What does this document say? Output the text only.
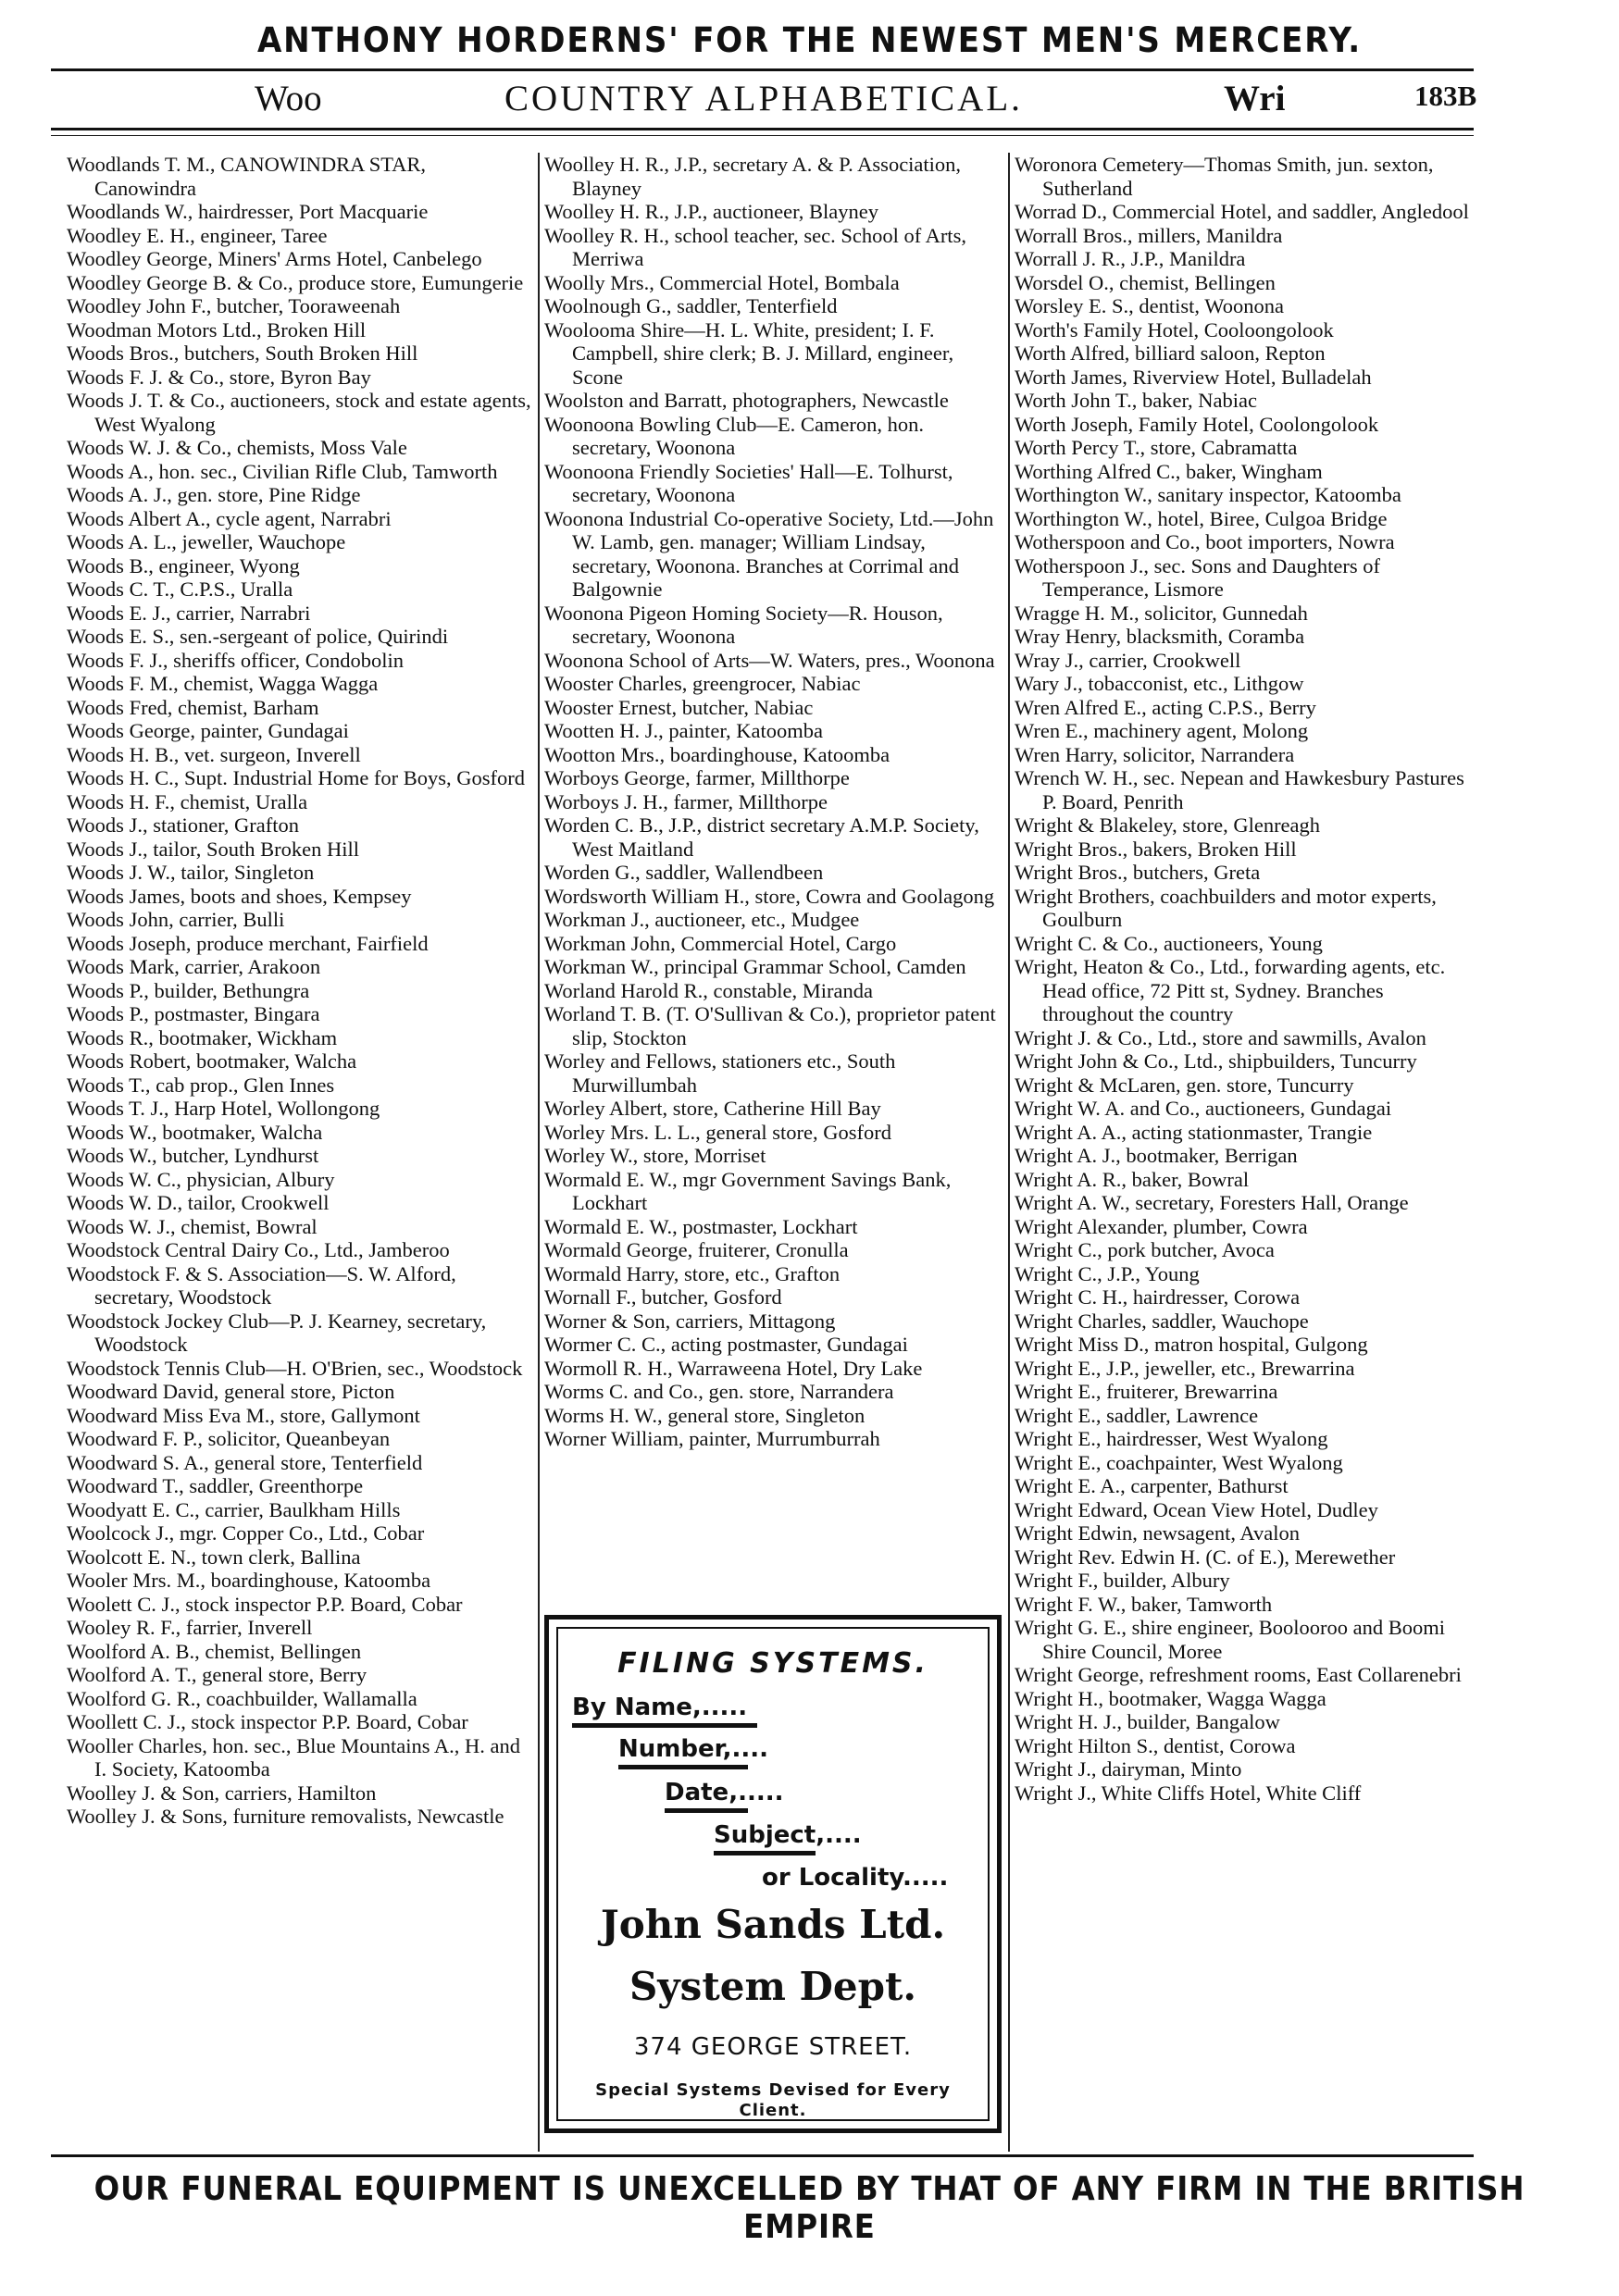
ANTHONY HORDERNS' FOR THE NEWEST MEN'S MERCERY.
Woo	COUNTRY ALPHABETICAL.	Wri	183B

Woodlands T. M., CANOWINDRA STAR, Canowindra

Woodlands W., hairdresser, Port Macquarie

Woodley E. H., engineer, Taree

Woodley George, Miners' Arms Hotel, Canbelego

Woodley George B. & Co., produce store, Eumungerie

Woodley John F., butcher, Tooraweenah

Woodman Motors Ltd., Broken Hill

Woods Bros., butchers, South Broken Hill

Woods F. J. & Co., store, Byron Bay

Woods J. T. & Co., auctioneers, stock and estate agents, West Wyalong

Woods W. J. & Co., chemists, Moss Vale

Woods A., hon. sec., Civilian Rifle Club, Tamworth

Woods A. J., gen. store, Pine Ridge

Woods Albert A., cycle agent, Narrabri

Woods A. L., jeweller, Wauchope

Woods B., engineer, Wyong

Woods C. T., C.P.S., Uralla

Woods E. J., carrier, Narrabri

Woods E. S., sen.-sergeant of police, Quirindi

Woods F. J., sheriffs officer, Condobolin

Woods F. M., chemist, Wagga Wagga

Woods Fred, chemist, Barham

Woods George, painter, Gundagai

Woods H. B., vet. surgeon, Inverell

Woods H. C., Supt. Industrial Home for Boys, Gosford

Woods H. F., chemist, Uralla

Woods J., stationer, Grafton

Woods J., tailor, South Broken Hill

Woods J. W., tailor, Singleton

Woods James, boots and shoes, Kempsey

Woods John, carrier, Bulli

Woods Joseph, produce merchant, Fairfield

Woods Mark, carrier, Arakoon

Woods P., builder, Bethungra

Woods P., postmaster, Bingara

Woods R., bootmaker, Wickham

Woods Robert, bootmaker, Walcha

Woods T., cab prop., Glen Innes

Woods T. J., Harp Hotel, Wollongong

Woods W., bootmaker, Walcha

Woods W., butcher, Lyndhurst

Woods W. C., physician, Albury

Woods W. D., tailor, Crookwell

Woods W. J., chemist, Bowral

Woodstock Central Dairy Co., Ltd., Jamberoo

Woodstock F. & S. Association—S. W. Alford, secretary, Woodstock

Woodstock Jockey Club—P. J. Kearney, secretary, Woodstock

Woodstock Tennis Club—H. O'Brien, sec., Woodstock

Woodward David, general store, Picton

Woodward Miss Eva M., store, Gallymont

Woodward F. P., solicitor, Queanbeyan

Woodward S. A., general store, Tenterfield

Woodward T., saddler, Greenthorpe

Woodyatt E. C., carrier, Baulkham Hills

Woolcock J., mgr. Copper Co., Ltd., Cobar

Woolcott E. N., town clerk, Ballina

Wooler Mrs. M., boardinghouse, Katoomba

Woolett C. J., stock inspector P.P. Board, Cobar

Wooley R. F., farrier, Inverell

Woolford A. B., chemist, Bellingen

Woolford A. T., general store, Berry

Woolford G. R., coachbuilder, Wallamalla

Woollett C. J., stock inspector P.P. Board, Cobar

Wooller Charles, hon. sec., Blue Mountains A., H. and I. Society, Katoomba

Woolley J. & Son, carriers, Hamilton

Woolley J. & Sons, furniture removalists, Newcastle

Woolley H. R., J.P., secretary A. & P. Association, Blayney

Woolley H. R., J.P., auctioneer, Blayney

Woolley R. H., school teacher, sec. School of Arts, Merriwa

Woolly Mrs., Commercial Hotel, Bombala

Woolnough G., saddler, Tenterfield

Woolooma Shire—H. L. White, president; I. F. Campbell, shire clerk; B. J. Millard, engineer, Scone

Woolston and Barratt, photographers, Newcastle

Woonoona Bowling Club—E. Cameron, hon. secretary, Woonona

Woonoona Friendly Societies' Hall—E. Tolhurst, secretary, Woonona

Woonona Industrial Co-operative Society, Ltd.—John W. Lamb, gen. manager; William Lindsay, secretary, Woonona. Branches at Corrimal and Balgownie

Woonona Pigeon Homing Society—R. Houson, secretary, Woonona

Woonona School of Arts—W. Waters, pres., Woonona

Wooster Charles, greengrocer, Nabiac

Wooster Ernest, butcher, Nabiac

Wootten H. J., painter, Katoomba

Wootton Mrs., boardinghouse, Katoomba

Worboys George, farmer, Millthorpe

Worboys J. H., farmer, Millthorpe

Worden C. B., J.P., district secretary A.M.P. Society, West Maitland

Worden G., saddler, Wallendbeen

Wordsworth William H., store, Cowra and Goolagong

Workman J., auctioneer, etc., Mudgee

Workman John, Commercial Hotel, Cargo

Workman W., principal Grammar School, Camden

Worland Harold R., constable, Miranda

Worland T. B. (T. O'Sullivan & Co.), proprietor patent slip, Stockton

Worley and Fellows, stationers etc., South Murwillumbah

Worley Albert, store, Catherine Hill Bay

Worley Mrs. L. L., general store, Gosford

Worley W., store, Morriset

Wormald E. W., mgr Government Savings Bank, Lockhart

Wormald E. W., postmaster, Lockhart

Wormald George, fruiterer, Cronulla

Wormald Harry, store, etc., Grafton

Wornall F., butcher, Gosford

Worner & Son, carriers, Mittagong

Wormer C. C., acting postmaster, Gundagai

Wormoll R. H., Warraweena Hotel, Dry Lake

Worms C. and Co., gen. store, Narrandera

Worms H. W., general store, Singleton

Worner William, painter, Murrumburrah

Woronora Cemetery—Thomas Smith, jun. sexton, Sutherland

Worrad D., Commercial Hotel, and saddler, Angledool

Worrall Bros., millers, Manildra

Worrall J. R., J.P., Manildra

Worsdel O., chemist, Bellingen

Worsley E. S., dentist, Woonona

Worth's Family Hotel, Cooloongolook

Worth Alfred, billiard saloon, Repton

Worth James, Riverview Hotel, Bulladelah

Worth John T., baker, Nabiac

Worth Joseph, Family Hotel, Coolongolook

Worth Percy T., store, Cabramatta

Worthing Alfred C., baker, Wingham

Worthington W., sanitary inspector, Katoomba

Worthington W., hotel, Biree, Culgoa Bridge

Wotherspoon and Co., boot importers, Nowra

Wotherspoon J., sec. Sons and Daughters of Temperance, Lismore

Wragge H. M., solicitor, Gunnedah

Wray Henry, blacksmith, Coramba

Wray J., carrier, Crookwell

Wary J., tobacconist, etc., Lithgow

Wren Alfred E., acting C.P.S., Berry

Wren E., machinery agent, Molong

Wren Harry, solicitor, Narrandera

Wrench W. H., sec. Nepean and Hawkesbury Pastures P. Board, Penrith

Wright & Blakeley, store, Glenreagh

Wright Bros., bakers, Broken Hill

Wright Bros., butchers, Greta

Wright Brothers, coachbuilders and motor experts, Goulburn

Wright C. & Co., auctioneers, Young

Wright, Heaton & Co., Ltd., forwarding agents, etc. Head office, 72 Pitt st, Sydney. Branches throughout the country

Wright J. & Co., Ltd., store and sawmills, Avalon

Wright John & Co., Ltd., shipbuilders, Tuncurry

Wright & McLaren, gen. store, Tuncurry

Wright W. A. and Co., auctioneers, Gundagai

Wright A. A., acting stationmaster, Trangie

Wright A. J., bootmaker, Berrigan

Wright A. R., baker, Bowral

Wright A. W., secretary, Foresters Hall, Orange

Wright Alexander, plumber, Cowra

Wright C., pork butcher, Avoca

Wright C., J.P., Young

Wright C. H., hairdresser, Corowa

Wright Charles, saddler, Wauchope

Wright Miss D., matron hospital, Gulgong

Wright E., J.P., jeweller, etc., Brewarrina

Wright E., fruiterer, Brewarrina

Wright E., saddler, Lawrence

Wright E., hairdresser, West Wyalong

Wright E., coachpainter, West Wyalong

Wright E. A., carpenter, Bathurst

Wright Edward, Ocean View Hotel, Dudley

Wright Edwin, newsagent, Avalon

Wright Rev. Edwin H. (C. of E.), Merewether

Wright F., builder, Albury

Wright F. W., baker, Tamworth

Wright G. E., shire engineer, Boolooroo and Boomi Shire Council, Moree

Wright George, refreshment rooms, East Collarenebri

Wright H., bootmaker, Wagga Wagga

Wright H. J., builder, Bangalow

Wright Hilton S., dentist, Corowa

Wright J., dairyman, Minto

Wright J., White Cliffs Hotel, White Cliff

FILING SYSTEMS.
By Name,.....
Number,....
Date,.....
Subject,....
or Locality.....
John Sands Ltd.
System Dept.
374 GEORGE STREET.
Special Systems Devised for Every Client.
OUR FUNERAL EQUIPMENT IS UNEXCELLED BY THAT OF ANY FIRM IN THE BRITISH EMPIRE
